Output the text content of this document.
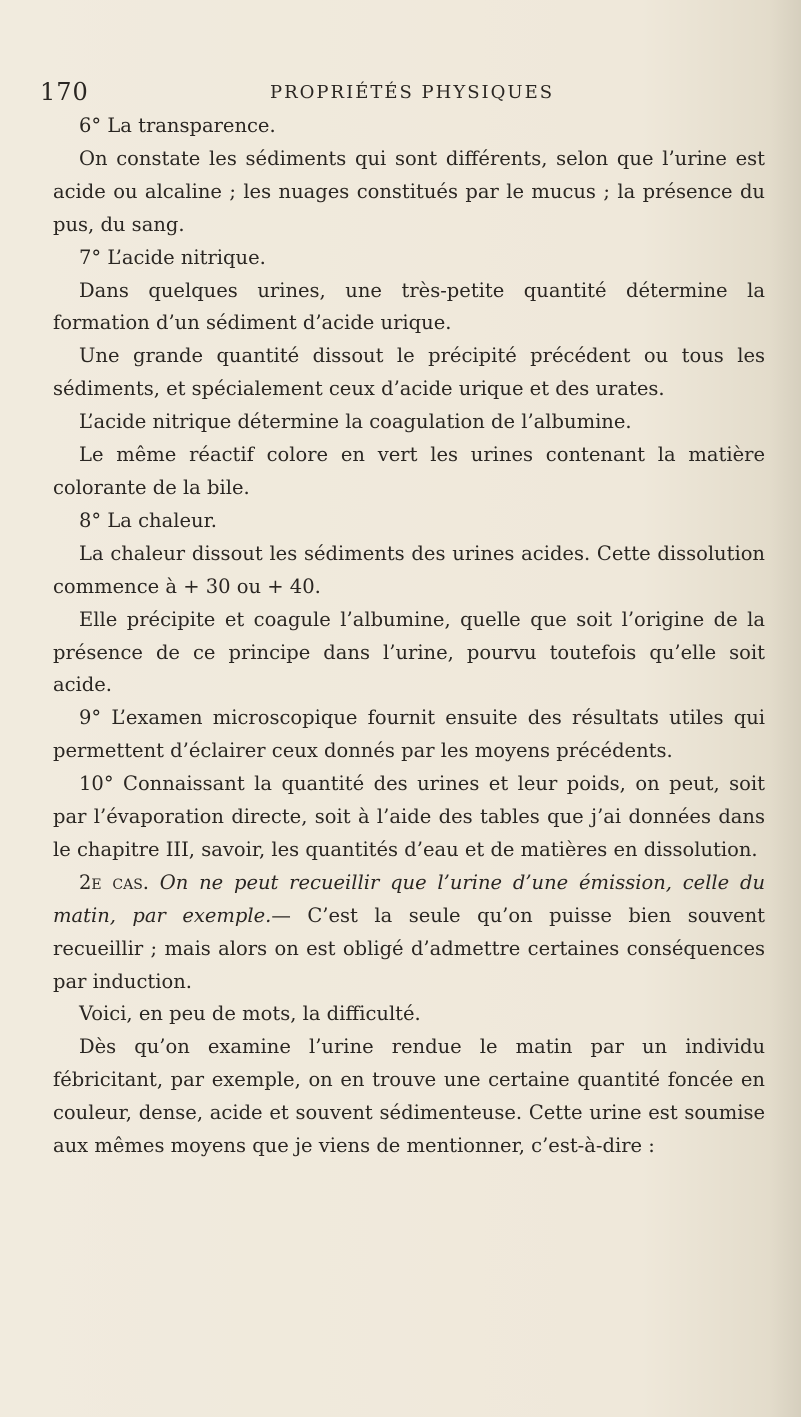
170	PROPRIÉTÉS PHYSIQUES

6° La transparence.

On constate les sédiments qui sont différents, selon que l’urine est acide ou alcaline ; les nuages constitués par le mucus ; la présence du pus, du sang.

7° L’acide nitrique.

Dans quelques urines, une très-petite quantité détermine la formation d’un sédiment d’acide urique.

Une grande quantité dissout le précipité précédent ou tous les sédiments, et spécialement ceux d’acide urique et des urates.

L’acide nitrique détermine la coagulation de l’albumine.

Le même réactif colore en vert les urines contenant la matière colorante de la bile.

8° La chaleur.

La chaleur dissout les sédiments des urines acides. Cette dissolution commence à + 30 ou + 40.

Elle précipite et coagule l’albumine, quelle que soit l’origine de la présence de ce principe dans l’urine, pourvu toutefois qu’elle soit acide.

9° L’examen microscopique fournit ensuite des résultats utiles qui permettent d’éclairer ceux donnés par les moyens précédents.

10° Connaissant la quantité des urines et leur poids, on peut, soit par l’évaporation directe, soit à l’aide des tables que j’ai données dans le chapitre III, savoir, les quantités d’eau et de matières en dissolution.

2e cas. On ne peut recueillir que l’urine d’une émission, celle du matin, par exemple.— C’est la seule qu’on puisse bien souvent recueillir ; mais alors on est obligé d’admettre certaines conséquences par induction.

Voici, en peu de mots, la difficulté.

Dès qu’on examine l’urine rendue le matin par un individu fébricitant, par exemple, on en trouve une certaine quantité foncée en couleur, dense, acide et souvent sédimenteuse. Cette urine est soumise aux mêmes moyens que je viens de mentionner, c’est-à-dire :
